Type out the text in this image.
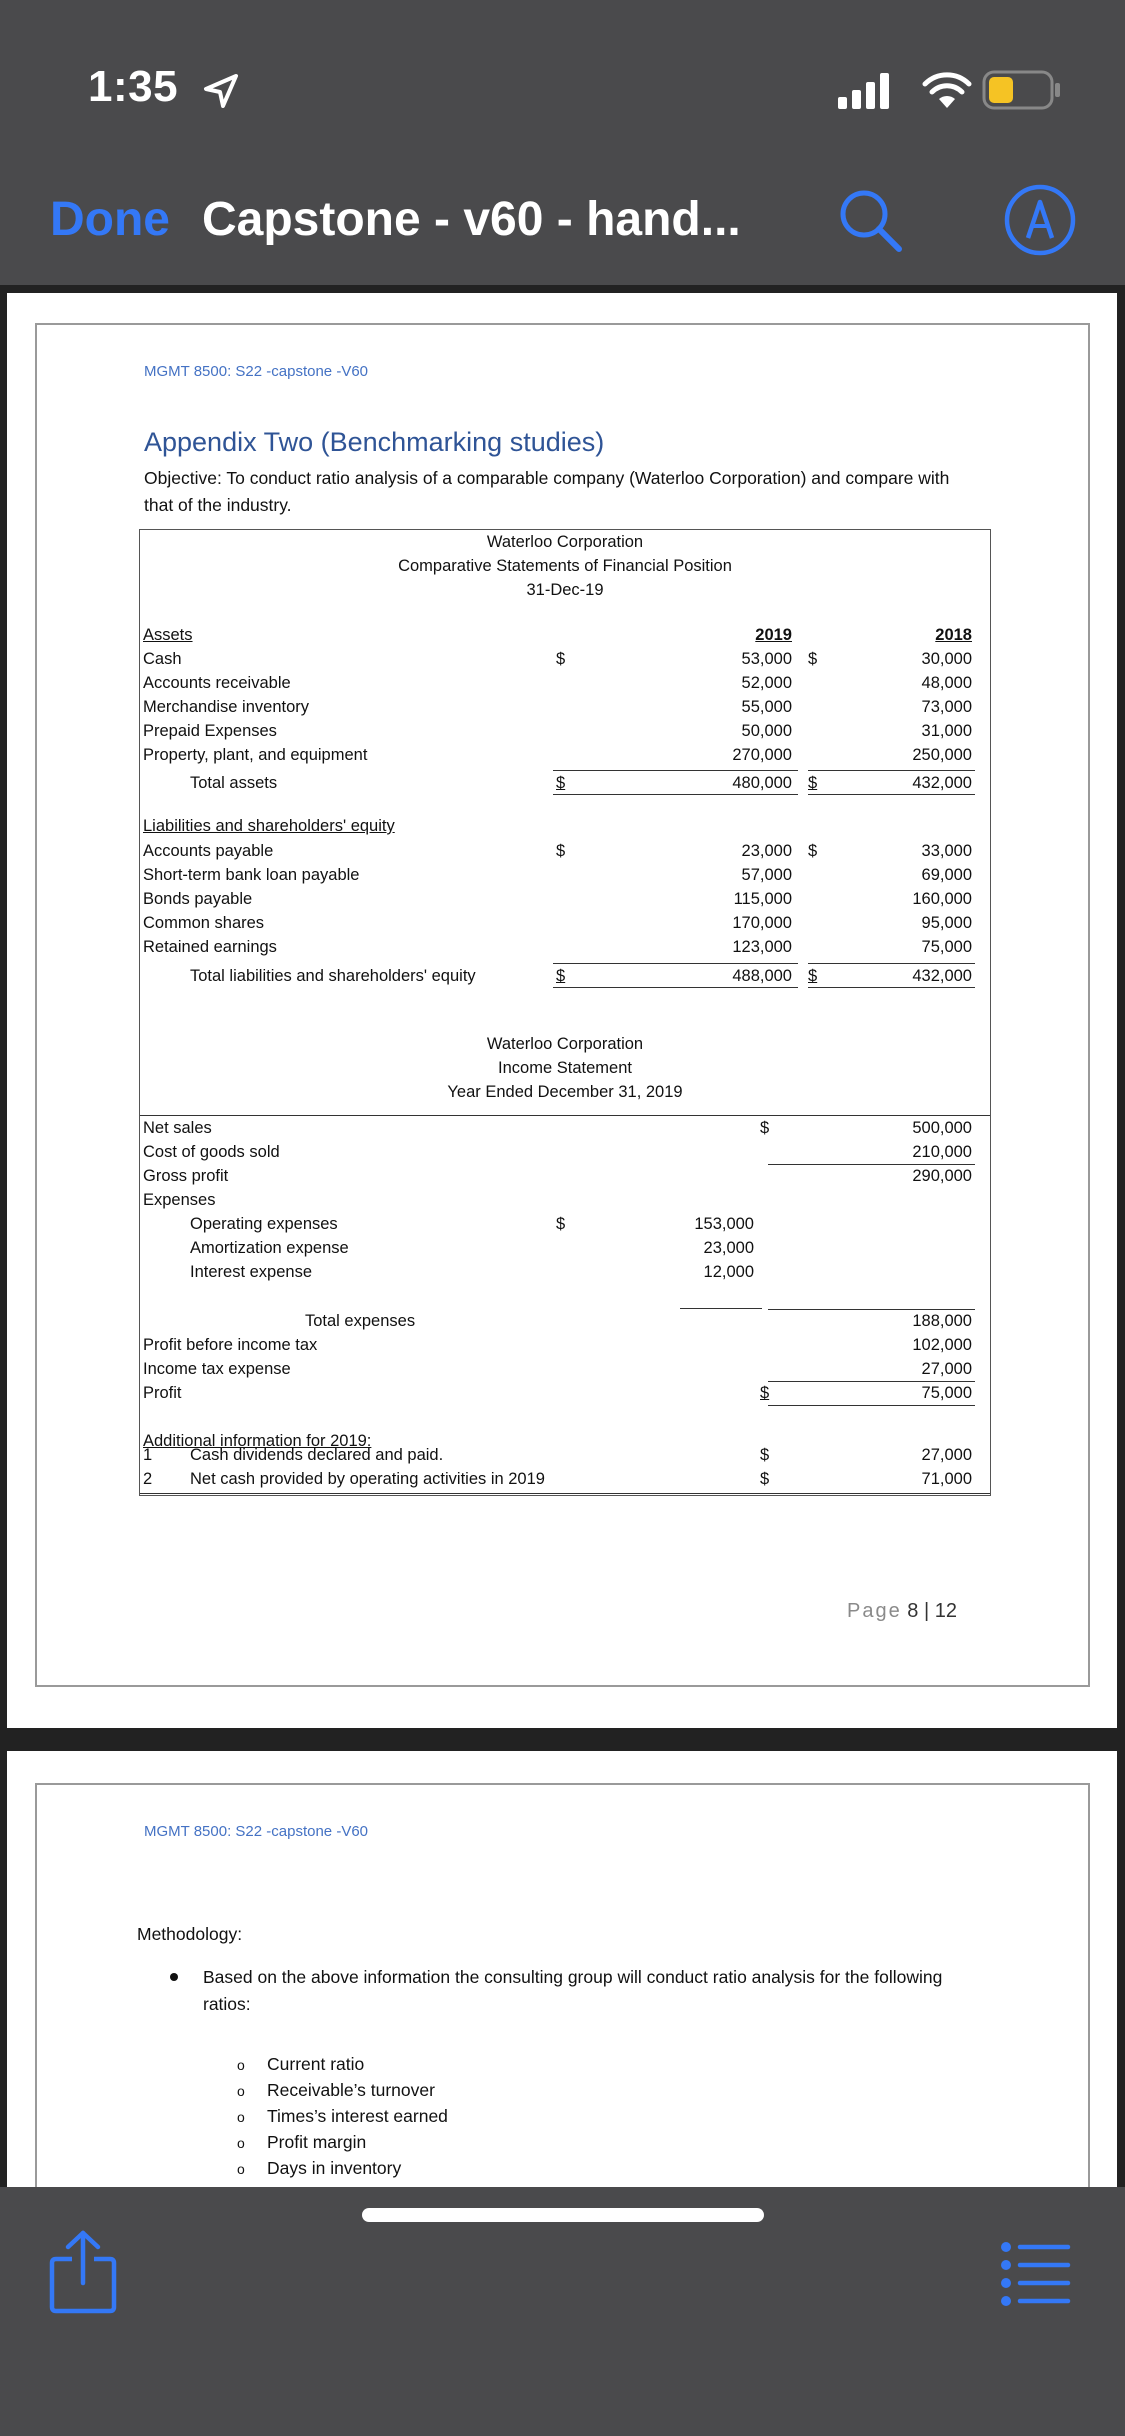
1:35
Done Capstone - v60 - hand...
MGMT 8500: S22 -capstone -V60
Appendix Two (Benchmarking studies)
Objective: To conduct ratio analysis of a comparable company (Waterloo Corporation) and compare with that of the industry.
Waterloo Corporation
Comparative Statements of Financial Position
31-Dec-19
Assets	2019	2018
Cash	$	53,000 $	30,000
Accounts receivable	52,000	48,000
Merchandise inventory	55,000	73,000
Prepaid Expenses	50,000	31,000
Property, plant, and equipment	270,000	250,000
Total assets	$	480,000 $	432,000
Liabilities and shareholders' equity
Accounts payable	$	23,000 $	33,000
Short-term bank loan payable	57,000	69,000
Bonds payable	115,000	160,000
Common shares	170,000	95,000
Retained earnings	123,000	75,000
Total liabilities and shareholders' equity	$	488,000 $	432,000
Waterloo Corporation
Income Statement
Year Ended December 31, 2019
Net sales	$	500,000
Cost of goods sold	210,000
Gross profit	290,000
Expenses
Operating expenses	$	153,000
Amortization expense	23,000
Interest expense	12,000
Total expenses	188,000
Profit before income tax	102,000
Income tax expense	27,000
Profit	$	75,000
Additional information for 2019:
1 Cash dividends declared and paid.	$	27,000
2 Net cash provided by operating activities in 2019	$	71,000
Page 8 | 12
MGMT 8500: S22 -capstone -V60
Methodology:
Based on the above information the consulting group will conduct ratio analysis for the following ratios:
o Current ratio
o Receivable’s turnover
o Times’s interest earned
o Profit margin
o Days in inventory
